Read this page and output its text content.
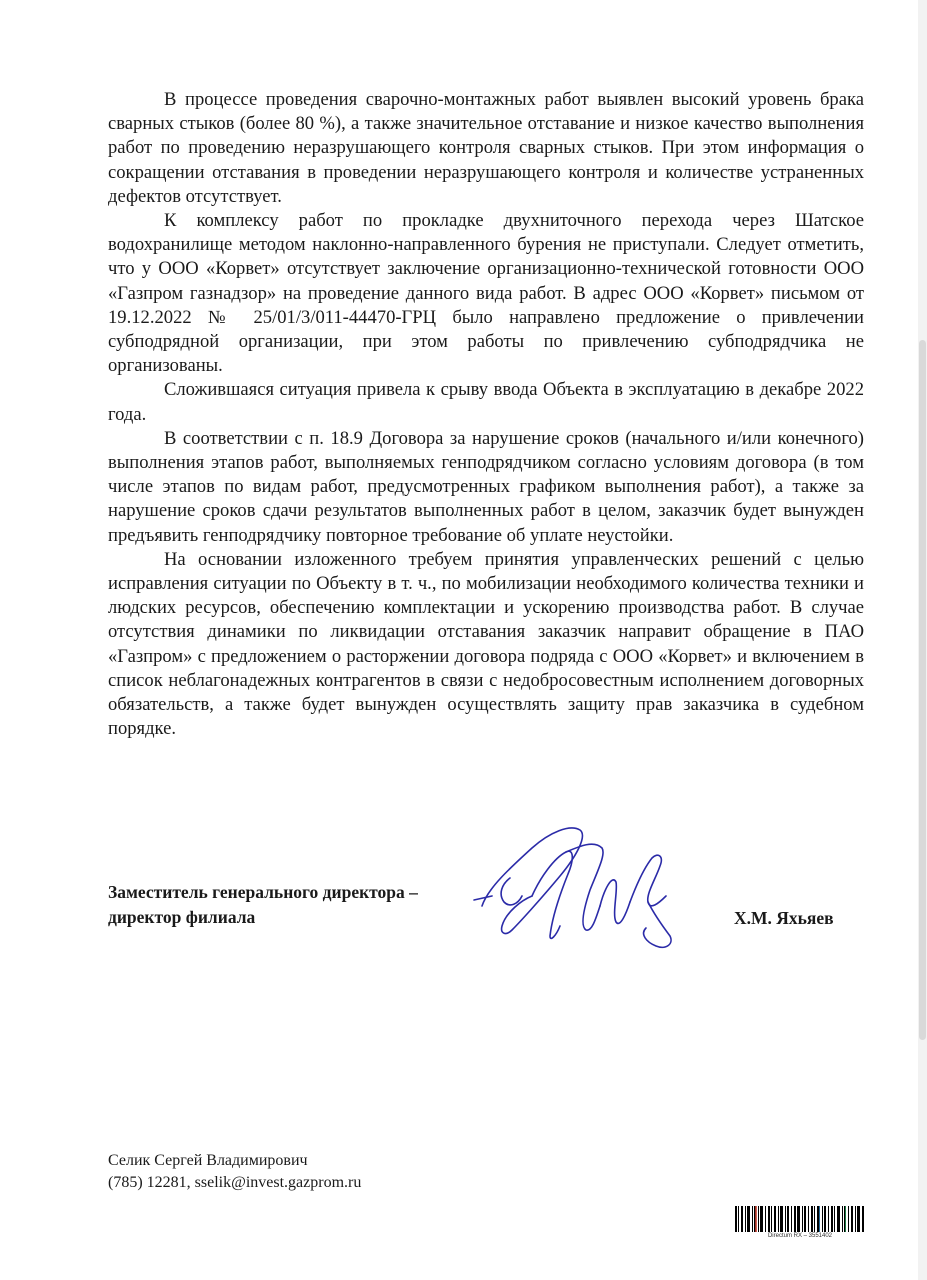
В процессе проведения сварочно-монтажных работ выявлен высокий уровень брака сварных стыков (более 80 %), а также значительное отставание и низкое качество выполнения работ по проведению неразрушающего контроля сварных стыков. При этом информация о сокращении отставания в проведении неразрушающего контроля и количестве устраненных дефектов отсутствует.

К комплексу работ по прокладке двухниточного перехода через Шатское водохранилище методом наклонно-направленного бурения не приступали. Следует отметить, что у ООО «Корвет» отсутствует заключение организационно-технической готовности ООО «Газпром газнадзор» на проведение данного вида работ. В адрес ООО «Корвет» письмом от 19.12.2022 № 25/01/3/011-44470-ГРЦ было направлено предложение о привлечении субподрядной организации, при этом работы по привлечению субподрядчика не организованы.

Сложившаяся ситуация привела к срыву ввода Объекта в эксплуатацию в декабре 2022 года.

В соответствии с п. 18.9 Договора за нарушение сроков (начального и/или конечного) выполнения этапов работ, выполняемых генподрядчиком согласно условиям договора (в том числе этапов по видам работ, предусмотренных графиком выполнения работ), а также за нарушение сроков сдачи результатов выполненных работ в целом, заказчик будет вынужден предъявить генподрядчику повторное требование об уплате неустойки.

На основании изложенного требуем принятия управленческих решений с целью исправления ситуации по Объекту в т. ч., по мобилизации необходимого количества техники и людских ресурсов, обеспечению комплектации и ускорению производства работ. В случае отсутствия динамики по ликвидации отставания заказчик направит обращение в ПАО «Газпром» с предложением о расторжении договора подряда с ООО «Корвет» и включением в список неблагонадежных контрагентов в связи с недобросовестным исполнением договорных обязательств, а также будет вынужден осуществлять защиту прав заказчика в судебном порядке.

Заместитель генерального директора –
директор филиала	Х.М. Яхьяев
Селик Сергей Владимирович
(785) 12281, sselik@invest.gazprom.ru
Directum RX – 3551402
